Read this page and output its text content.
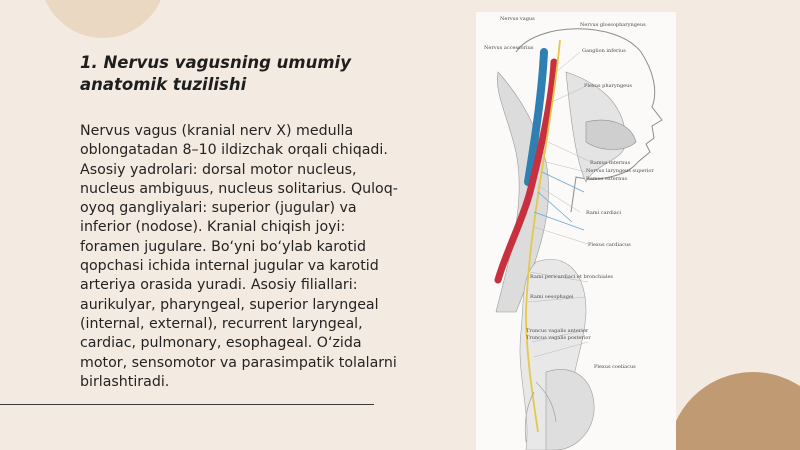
1. Nervus vagusning umumiy anatomik tuzilishi
Nervus vagus (kranial nerv X) medulla
oblongatadan 8–10 ildizchak orqali chiqadi.
Asosiy yadrolari: dorsal motor nucleus,
nucleus ambiguus, nucleus solitarius. Quloq-
oyoq gangliyalari: superior (jugular) va
inferior (nodose). Kranial chiqish joyi:
foramen jugulare. Bo‘yni bo‘ylab karotid
qopchasi ichida internal jugular va karotid
arteriya orasida yuradi. Asosiy filiallari:
aurikulyar, pharyngeal, superior laryngeal
(internal, external), recurrent laryngeal,
cardiac, pulmonary, esophageal. O‘zida
motor, sensomotor va parasimpatik tolalarni
birlashtiradi.
Nervus vagus
Nervus glossopharyngeus
Nervus accessorius	Ganglion inferius
Plexus pharyngeus
Ramus internus
Nervus laryngeus superior
Ramus externus
Rami cardiaci
Plexus cardiacus
Rami pericardiaci et bronchiales
Rami oesophagei
Truncus vagalis anterior
Truncus vagalis posterior
Plexus coeliacus
